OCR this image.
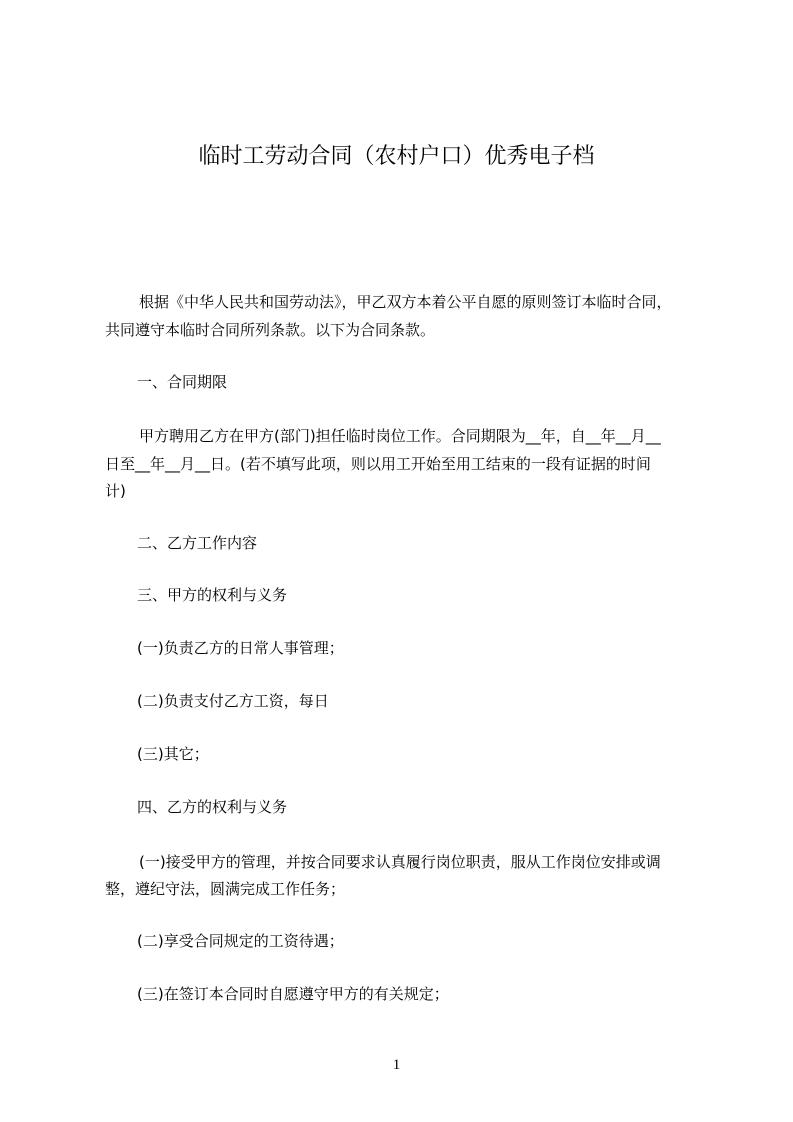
临时工劳动合同（农村户口）优秀电子档
根据《中华人民共和国劳动法》，甲乙双方本着公平自愿的原则签订本临时合同，
共同遵守本临时合同所列条款。以下为合同条款。
一、合同期限
甲方聘用乙方在甲方(部门)担任临时岗位工作。合同期限为__年，自__年__月__
日至__年__月__日。(若不填写此项，则以用工开始至用工结束的一段有证据的时间
计)
二、乙方工作内容
三、甲方的权利与义务
(一)负责乙方的日常人事管理；
(二)负责支付乙方工资，每日
(三)其它；
四、乙方的权利与义务
(一)接受甲方的管理，并按合同要求认真履行岗位职责，服从工作岗位安排或调
整，遵纪守法，圆满完成工作任务；
(二)享受合同规定的工资待遇；
(三)在签订本合同时自愿遵守甲方的有关规定；
1
